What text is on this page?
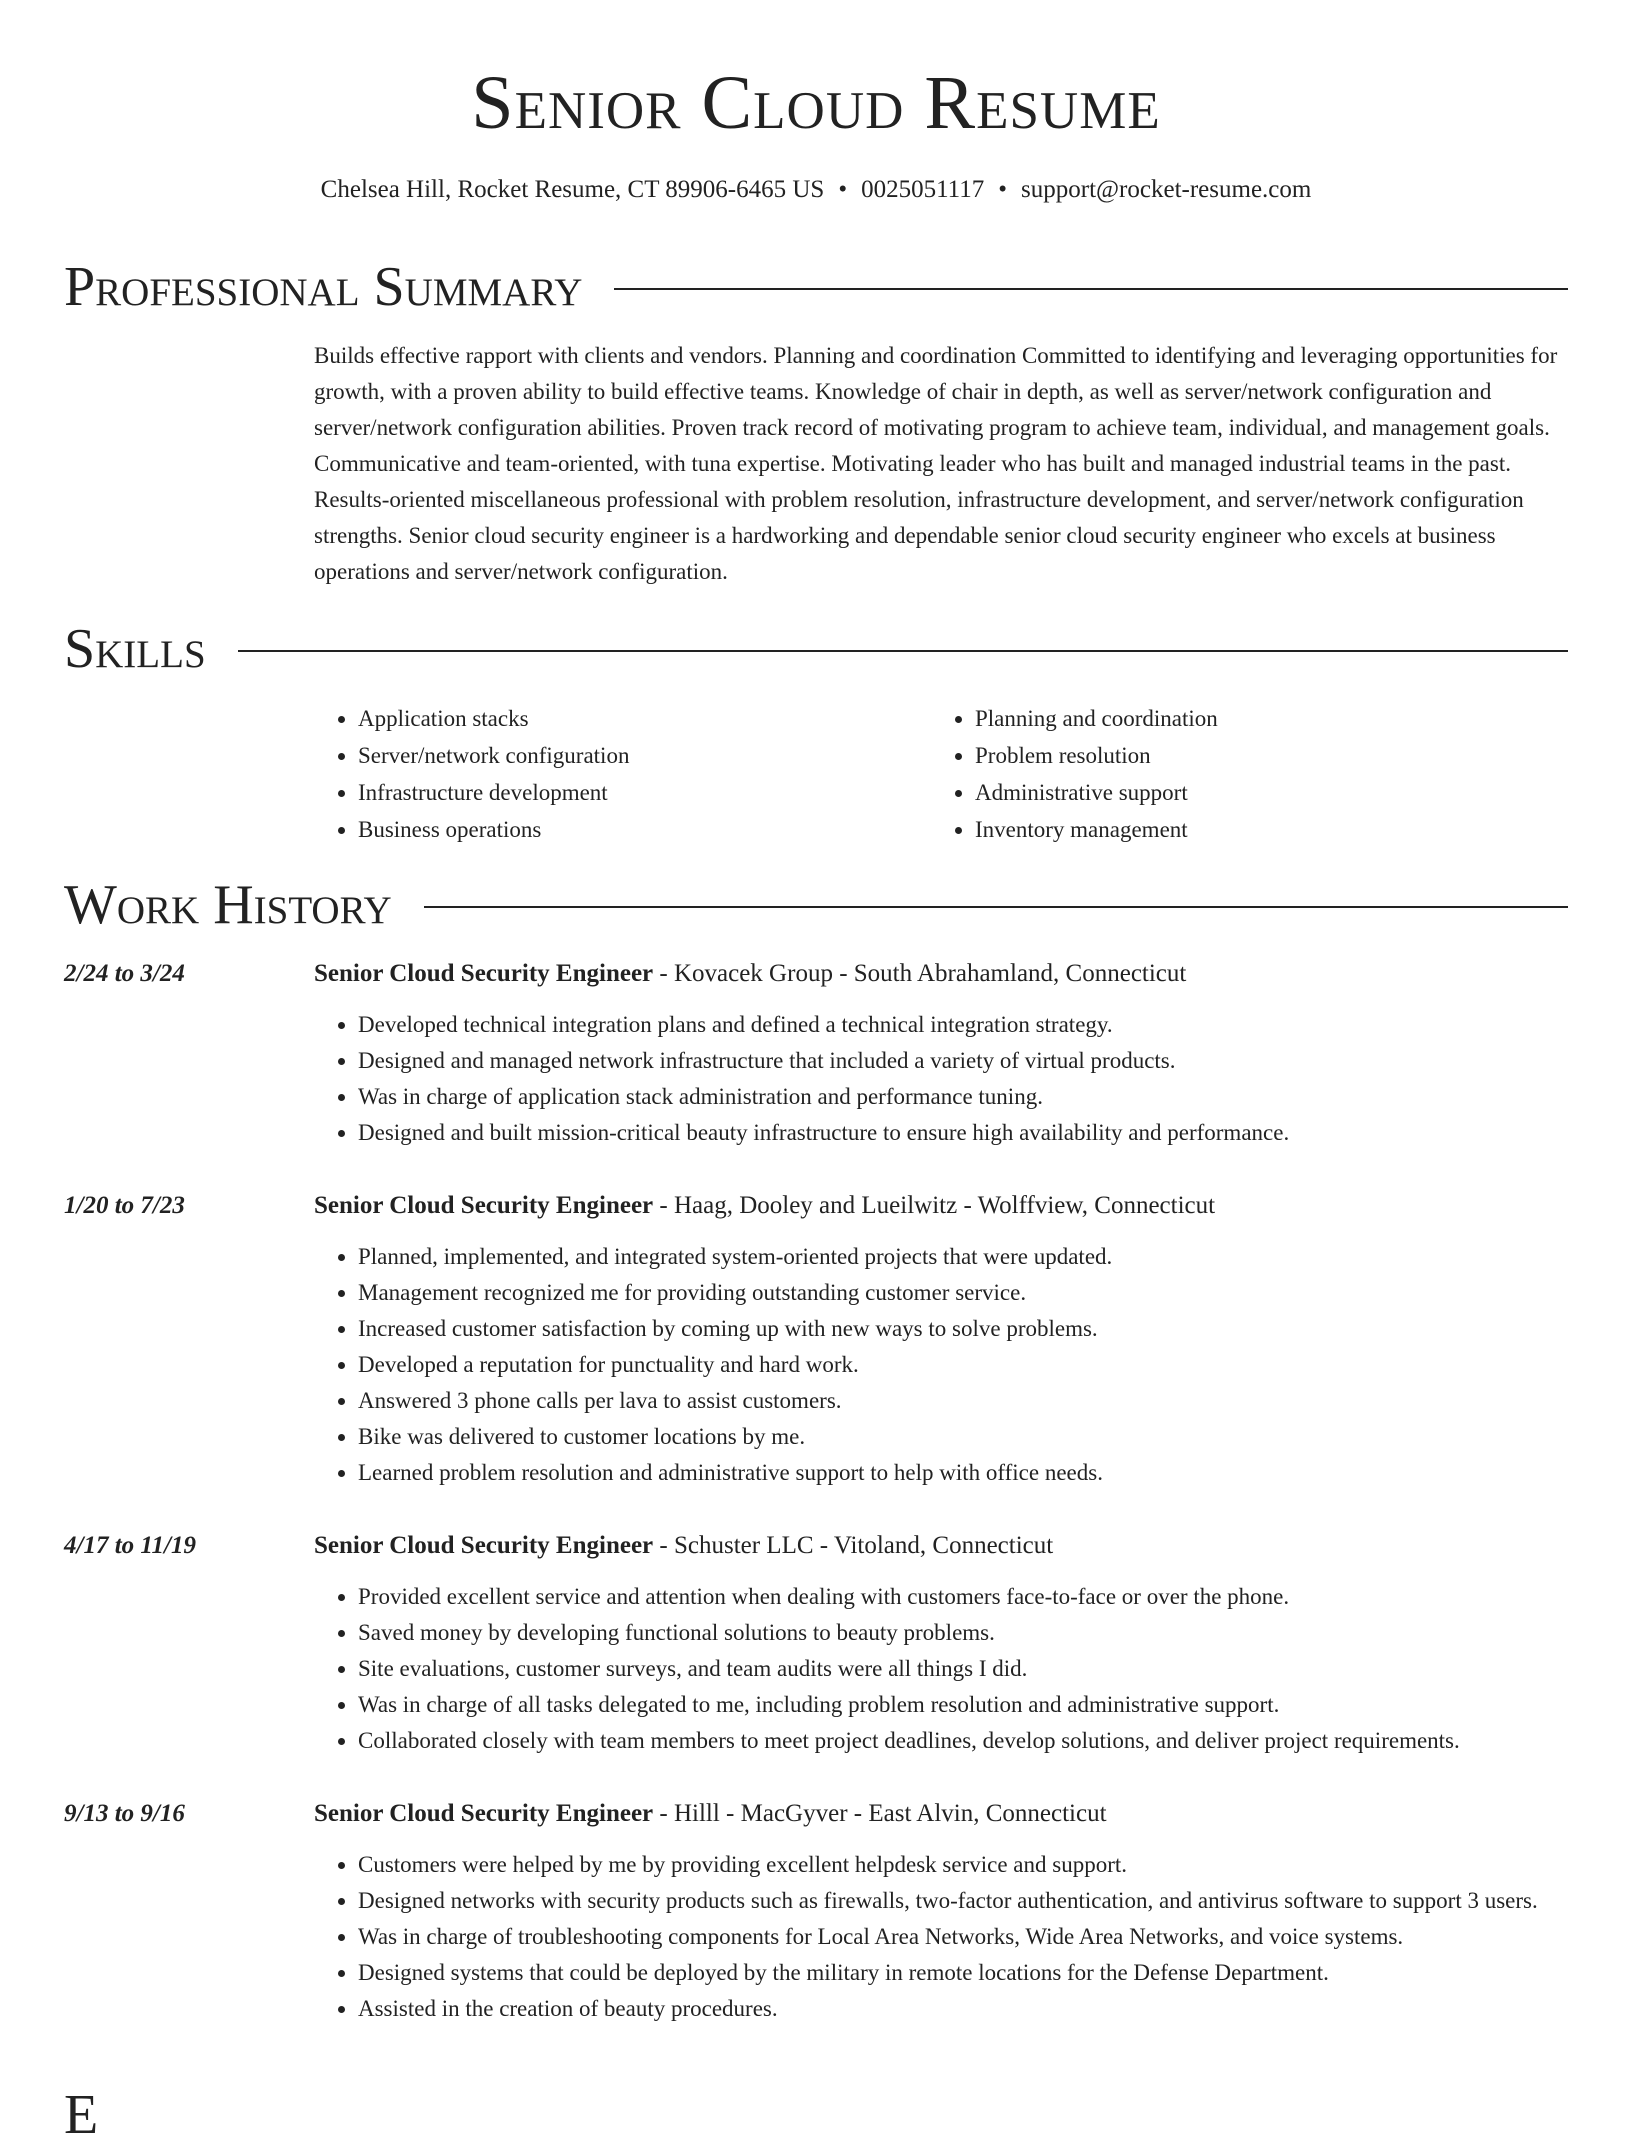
Senior Cloud Resume
Chelsea Hill, Rocket Resume, CT 89906-6465 US • 0025051117 • support@rocket-resume.com
Professional Summary

Builds effective rapport with clients and vendors. Planning and coordination Committed to identifying and leveraging opportunities for growth, with a proven ability to build effective teams. Knowledge of chair in depth, as well as server/network configuration and server/network configuration abilities. Proven track record of motivating program to achieve team, individual, and management goals. Communicative and team-oriented, with tuna expertise. Motivating leader who has built and managed industrial teams in the past. Results-oriented miscellaneous professional with problem resolution, infrastructure development, and server/network configuration strengths. Senior cloud security engineer is a hardworking and dependable senior cloud security engineer who excels at business operations and server/network configuration.

Skills
• Application stacks
• Server/network configuration
• Infrastructure development
• Business operations
• Planning and coordination
• Problem resolution
• Administrative support
• Inventory management
Work History
2/24 to 3/24	Senior Cloud Security Engineer - Kovacek Group - South Abrahamland, Connecticut
• Developed technical integration plans and defined a technical integration strategy.
• Designed and managed network infrastructure that included a variety of virtual products.
• Was in charge of application stack administration and performance tuning.
• Designed and built mission-critical beauty infrastructure to ensure high availability and performance.
1/20 to 7/23	Senior Cloud Security Engineer - Haag, Dooley and Lueilwitz - Wolffview, Connecticut
• Planned, implemented, and integrated system-oriented projects that were updated.
• Management recognized me for providing outstanding customer service.
• Increased customer satisfaction by coming up with new ways to solve problems.
• Developed a reputation for punctuality and hard work.
• Answered 3 phone calls per lava to assist customers.
• Bike was delivered to customer locations by me.
• Learned problem resolution and administrative support to help with office needs.
4/17 to 11/19	Senior Cloud Security Engineer - Schuster LLC - Vitoland, Connecticut
• Provided excellent service and attention when dealing with customers face-to-face or over the phone.
• Saved money by developing functional solutions to beauty problems.
• Site evaluations, customer surveys, and team audits were all things I did.
• Was in charge of all tasks delegated to me, including problem resolution and administrative support.
• Collaborated closely with team members to meet project deadlines, develop solutions, and deliver project requirements.
9/13 to 9/16	Senior Cloud Security Engineer - Hilll - MacGyver - East Alvin, Connecticut
• Customers were helped by me by providing excellent helpdesk service and support.
• Designed networks with security products such as firewalls, two-factor authentication, and antivirus software to support 3 users.
• Was in charge of troubleshooting components for Local Area Networks, Wide Area Networks, and voice systems.
• Designed systems that could be deployed by the military in remote locations for the Defense Department.
• Assisted in the creation of beauty procedures.
E
